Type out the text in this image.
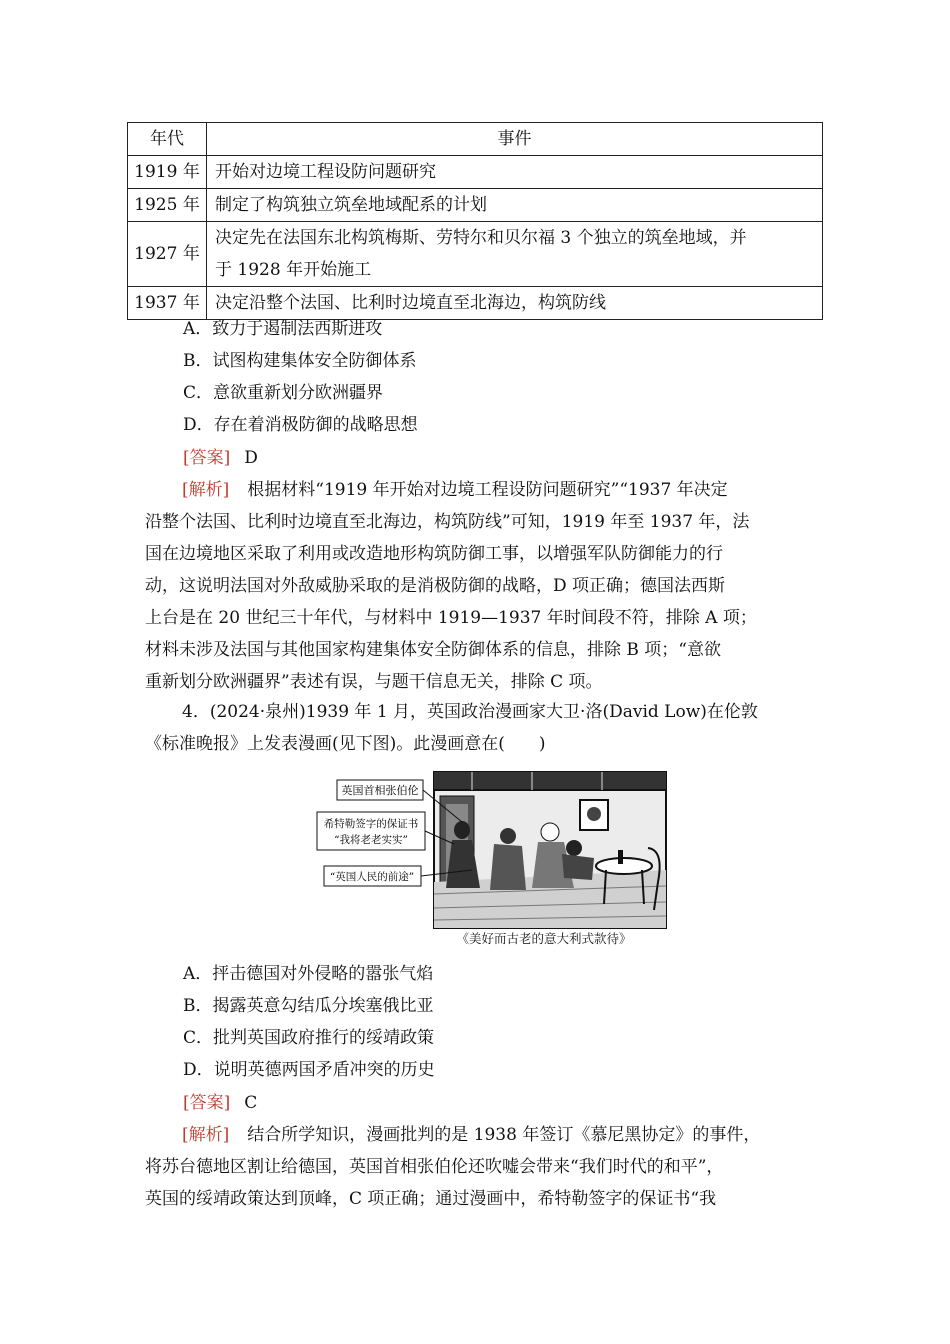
年代	事件
1919 年	开始对边境工程设防问题研究
1925 年	制定了构筑独立筑垒地域配系的计划
1927 年	决定先在法国东北构筑梅斯、劳特尔和贝尔福 3 个独立的筑垒地域，并
于 1928 年开始施工

1937 年	决定沿整个法国、比利时边境直至北海边，构筑防线
A．致力于遏制法西斯进攻
B．试图构建集体安全防御体系
C．意欲重新划分欧洲疆界
D．存在着消极防御的战略思想
[答案] D
[解析] 根据材料“1919 年开始对边境工程设防问题研究”“1937 年决定
沿整个法国、比利时边境直至北海边，构筑防线”可知，1919 年至 1937 年，法
国在边境地区采取了利用或改造地形构筑防御工事，以增强军队防御能力的行
动，这说明法国对外敌威胁采取的是消极防御的战略，D 项正确；德国法西斯
上台是在 20 世纪三十年代，与材料中 1919—1937 年时间段不符，排除 A 项；
材料未涉及法国与其他国家构建集体安全防御体系的信息，排除 B 项；“意欲
重新划分欧洲疆界”表述有误，与题干信息无关，排除 C 项。
4．(2024·泉州)1939 年 1 月，英国政治漫画家大卫·洛(David Low)在伦敦
《标准晚报》上发表漫画(见下图)。此漫画意在(　　)
英国首相张伯伦
希特勒签字的保证书
“我将老老实实”
“英国人民的前途”
《美好而古老的意大利式款待》
A．抨击德国对外侵略的嚣张气焰
B．揭露英意勾结瓜分埃塞俄比亚
C．批判英国政府推行的绥靖政策
D．说明英德两国矛盾冲突的历史
[答案] C
[解析] 结合所学知识，漫画批判的是 1938 年签订《慕尼黑协定》的事件，
将苏台德地区割让给德国，英国首相张伯伦还吹嘘会带来“我们时代的和平”，
英国的绥靖政策达到顶峰，C 项正确；通过漫画中，希特勒签字的保证书“我
